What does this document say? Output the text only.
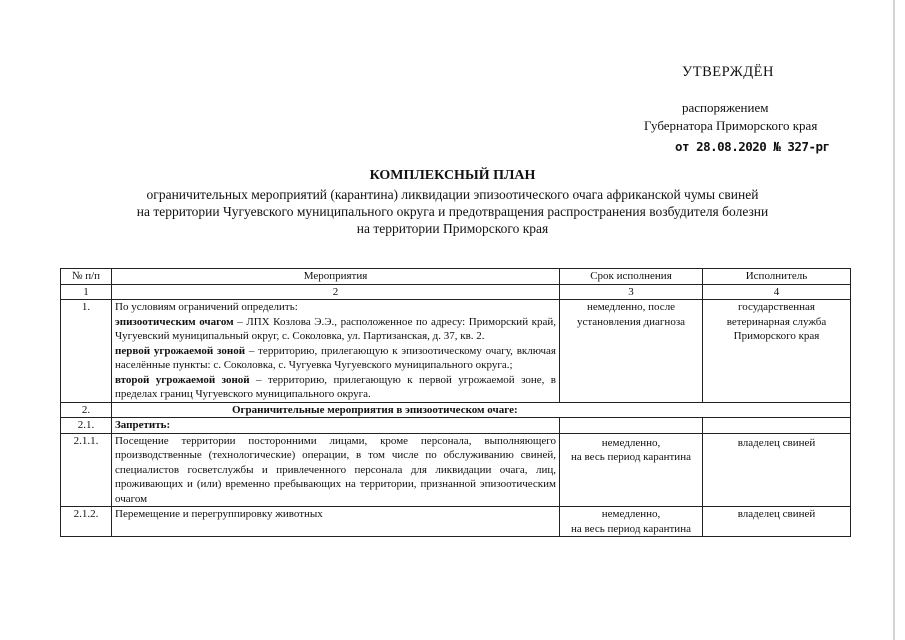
УТВЕРЖДЁН
распоряжением
Губернатора Приморского края
от 28.08.2020 № 327-рг
КОМПЛЕКСНЫЙ ПЛАН
ограничительных мероприятий (карантина) ликвидации эпизоотического очага африканской чумы свиней
на территории Чугуевского муниципального округа и предотвращения распространения возбудителя болезни
на территории Приморского края
№ п/п	Мероприятия	Срок исполнения	Исполнитель
1	2	3	4
1.	По условиям ограничений определить:
эпизоотическим очагом – ЛПХ Козлова Э.Э., расположенное по адресу: Приморский край, Чугуевский муниципальный округ, с. Соколовка, ул. Партизанская, д. 37, кв. 2.
первой угрожаемой зоной – территорию, прилегающую к эпизоотическому очагу, включая населённые пункты: с. Соколовка, с. Чугуевка Чугуевского муниципального округа.;
второй угрожаемой зоной – территорию, прилегающую к первой угрожаемой зоне, в пределах границ Чугуевского муниципального округа.	немедленно, после установления диагноза	государственная ветеринарная служба Приморского края
2.	Ограничительные мероприятия в эпизоотическом очаге:		
2.1.	Запретить:		
2.1.1.	Посещение территории посторонними лицами, кроме персонала, выполняющего производственные (технологические) операции, в том числе по обслуживанию свиней, специалистов госветслужбы и привлеченного персонала для ликвидации очага, лиц, проживающих и (или) временно пребывающих на территории, признанной эпизоотическим очагом	немедленно,
на весь период карантина	владелец свиней
2.1.2.	Перемещение и перегруппировку животных	немедленно,
на весь период карантина	владелец свиней
